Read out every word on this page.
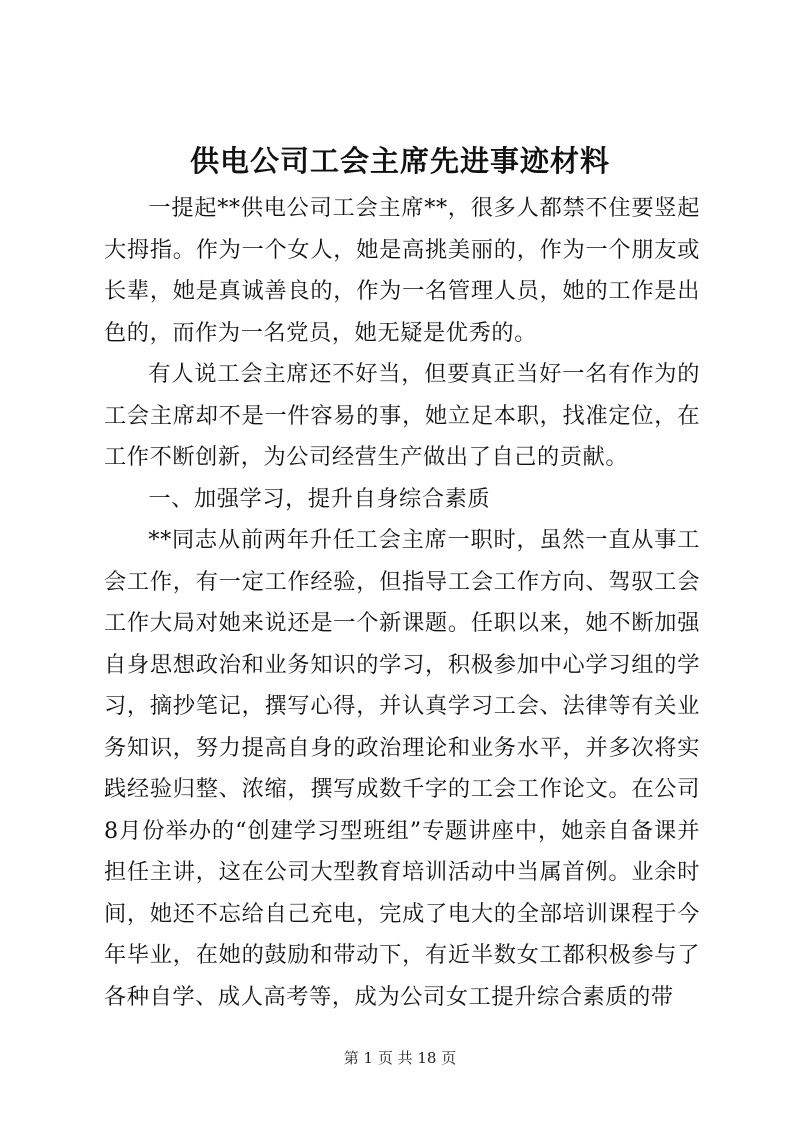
供电公司工会主席先进事迹材料

一提起**供电公司工会主席**，很多人都禁不住要竖起大拇指。作为一个女人，她是高挑美丽的，作为一个朋友或长辈，她是真诚善良的，作为一名管理人员，她的工作是出色的，而作为一名党员，她无疑是优秀的。

有人说工会主席还不好当，但要真正当好一名有作为的工会主席却不是一件容易的事，她立足本职，找准定位，在工作不断创新，为公司经营生产做出了自己的贡献。

一、加强学习，提升自身综合素质

**同志从前两年升任工会主席一职时，虽然一直从事工会工作，有一定工作经验，但指导工会工作方向、驾驭工会工作大局对她来说还是一个新课题。任职以来，她不断加强自身思想政治和业务知识的学习，积极参加中心学习组的学习，摘抄笔记，撰写心得，并认真学习工会、法律等有关业务知识，努力提高自身的政治理论和业务水平，并多次将实践经验归整、浓缩，撰写成数千字的工会工作论文。在公司8月份举办的“创建学习型班组”专题讲座中，她亲自备课并担任主讲，这在公司大型教育培训活动中当属首例。业余时间，她还不忘给自己充电，完成了电大的全部培训课程于今年毕业，在她的鼓励和带动下，有近半数女工都积极参与了各种自学、成人高考等，成为公司女工提升综合素质的带

第 1 页 共 18 页
